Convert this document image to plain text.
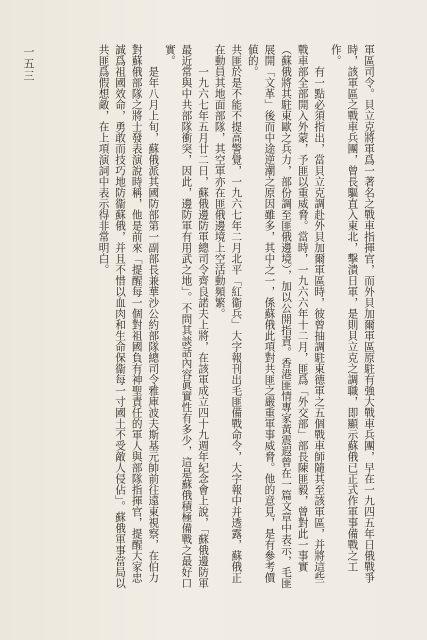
軍區司令。貝立克將軍爲一著名之戰車指揮官，而外貝加爾軍區原駐有強大戰車兵團，早在一九四五年日俄戰爭時，該軍區之戰車兵團，曾長驅直入東北，擊潰日軍，是則貝立克之調職，即顯示蘇俄已正式作軍事備戰之工作。

有一點必須指出，當貝立克調赴外貝加爾軍區時，彼曾抽調駐東德軍之五個戰車師隨其至該軍區，并將這些戰車部全部開入外蒙，予匪以重威脅。當時，一九六六年十二月，匪爲「外交部」部長陳匪毅，曾對此一事實（蘇俄將其駐東歐之兵力，部份調至匪俄邊境），加以公開指責。香港匪情專家黃震遐曾在一篇文章中表示，毛匪展開「文革」後而中途逆潮之原因雖多，其中之一，係蘇俄此項對共匪之嚴重軍事威脅。他的意見，是有參考價値的。

共匪於是不能不提高警覺，一九六七年二月北平「紅衞兵」大字報刊出毛匪備戰命令，大字報中并透露，蘇俄正在動員其地面部隊，其空軍亦在匪俄邊境上空活動頻繁。

一九六七年五月廿二日，蘇俄邊防軍總司令齊良諾夫上將，在該軍成立四十九週年紀念會上說，「蘇俄邊防軍最近常與中共部隊衝突，因此，邊防軍有用武之地」。不問其談話內容眞實性有多少，這是蘇俄積極備戰之最好口實。

是年八月上旬，蘇俄派其國防部第一副部長兼華沙公約部隊總司令雅庫波夫斯基元帥前往遠東視察，在伯力對蘇俄部隊之將士發表演說時稱，他是前來「提醒每一個對祖國負有神聖責任的軍人與部隊指揮官，提醒大家忠誠爲祖國效命，勇敢而技巧地防衞蘇俄，并且不惜以血肉和生命保衞每一寸國土不受敵人侵佔」。蘇俄軍事當局以共匪爲假想敵，在上項演詞中表示得非常明白。

一五三
